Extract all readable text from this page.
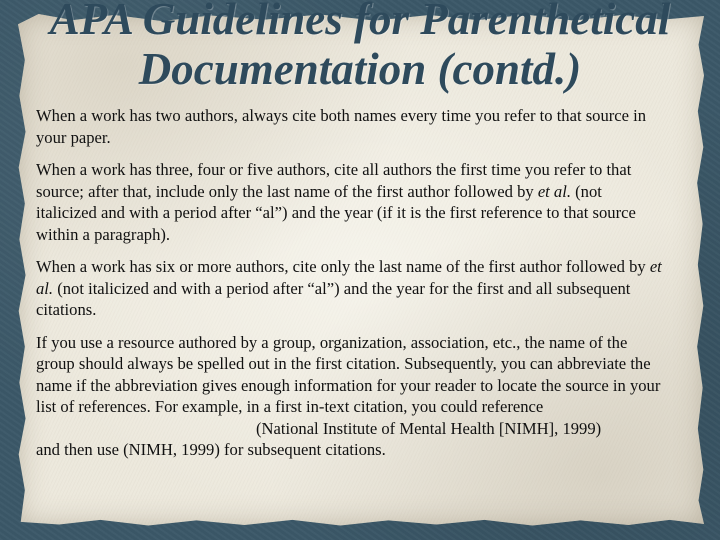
APA Guidelines for Parenthetical
Documentation (contd.)

When a work has two authors, always cite both names every time you refer to that source in your paper.

When a work has three, four or five authors, cite all authors the first time you refer to that source; after that, include only the last name of the first author followed by et al. (not italicized and with a period after “al”) and the year (if it is the first reference to that source within a paragraph).

When a work has six or more authors, cite only the last name of the first author followed by et al. (not italicized and with a period after “al”) and the year for the first and all subsequent citations.

If you use a resource authored by a group, organization, association, etc., the name of the group should always be spelled out in the first citation. Subsequently, you can abbreviate the name if the abbreviation gives enough information for your reader to locate the source in your list of references. For example, in a first in-text citation, you could reference
(National Institute of Mental Health [NIMH], 1999)
and then use (NIMH, 1999) for subsequent citations.
